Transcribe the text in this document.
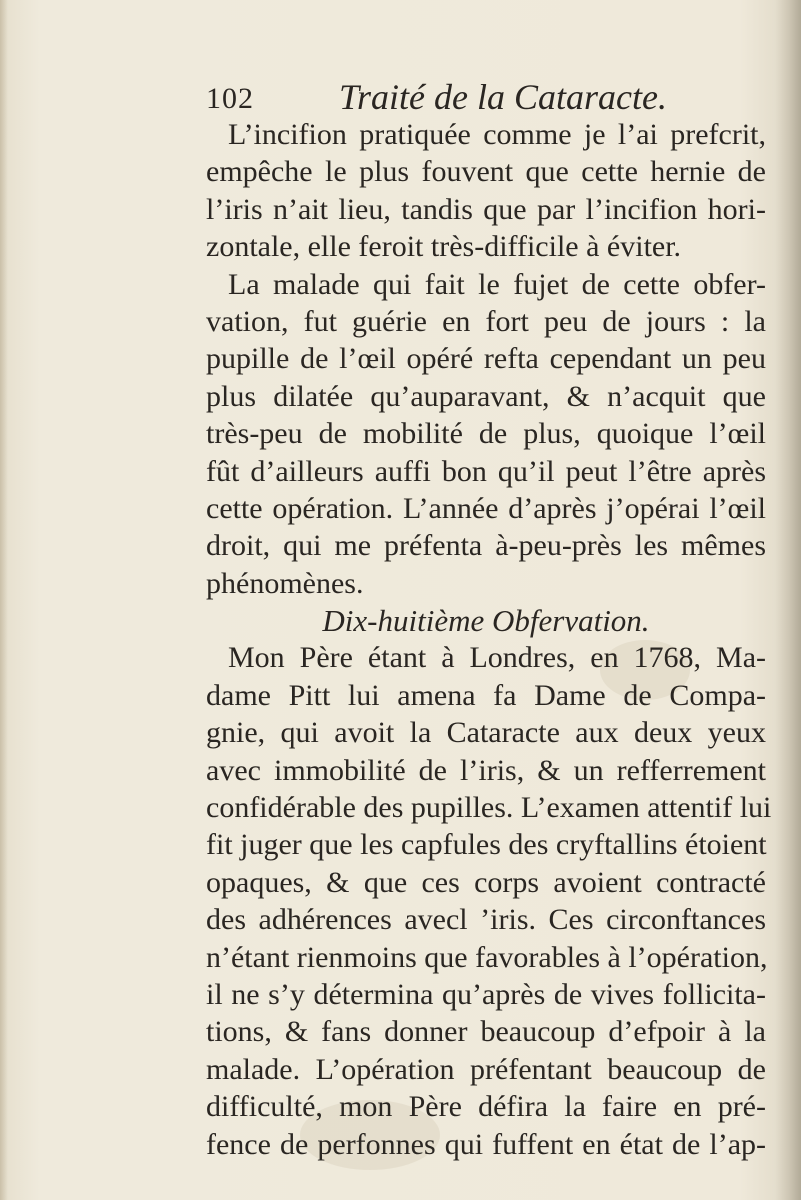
102 Traité de la Cataracte.
L’incifion pratiquée comme je l’ai prefcrit,
empêche le plus fouvent que cette hernie de
l’iris n’ait lieu, tandis que par l’incifion hori-
zontale, elle feroit très-difficile à éviter.
La malade qui fait le fujet de cette obfer-
vation, fut guérie en fort peu de jours : la
pupille de l’œil opéré refta cependant un peu
plus dilatée qu’auparavant, & n’acquit que
très-peu de mobilité de plus, quoique l’œil
fût d’ailleurs auffi bon qu’il peut l’être après
cette opération. L’année d’après j’opérai l’œil
droit, qui me préfenta à-peu-près les mêmes
phénomènes.
Dix-huitième Obfervation.
Mon Père étant à Londres, en 1768, Ma-
dame Pitt lui amena fa Dame de Compa-
gnie, qui avoit la Cataracte aux deux yeux
avec immobilité de l’iris, & un refferrement
confidérable des pupilles. L’examen attentif lui
fit juger que les capfules des cryftallins étoient
opaques, & que ces corps avoient contracté
des adhérences avecl ’iris. Ces circonftances
n’étant rienmoins que favorables à l’opération,
il ne s’y détermina qu’après de vives follicita-
tions, & fans donner beaucoup d’efpoir à la
malade. L’opération préfentant beaucoup de
difficulté, mon Père défira la faire en pré-
fence de perfonnes qui fuffent en état de l’ap-
